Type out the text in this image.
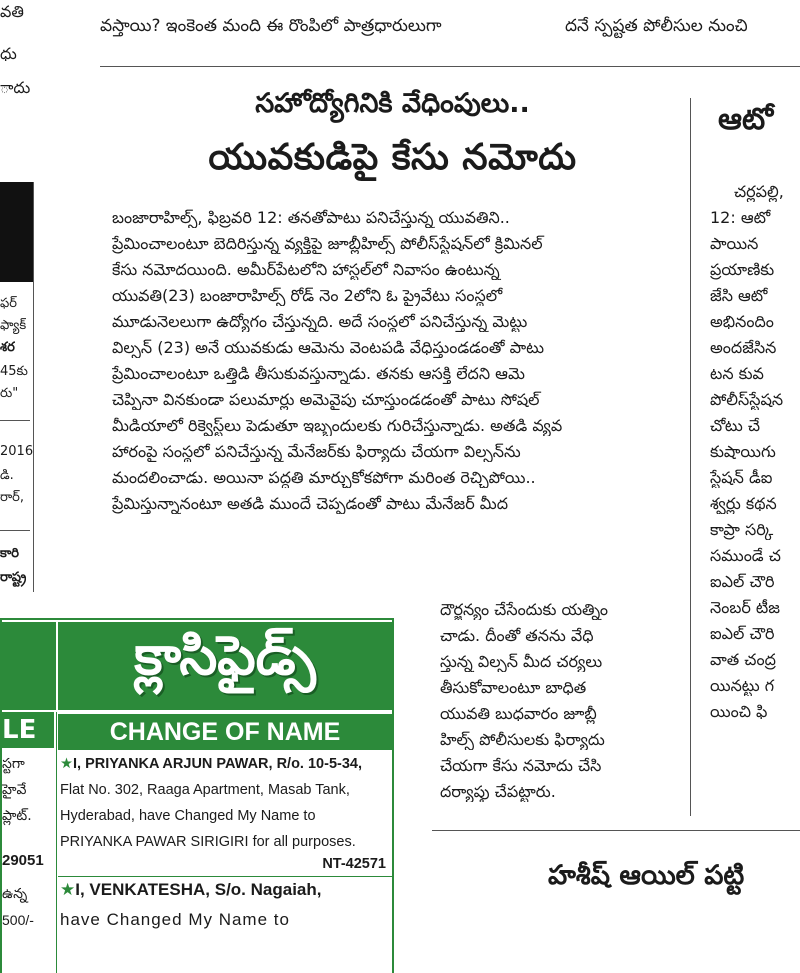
వస్తాయి? ఇంకెంత మంది ఈ రొంపిలో పాత్రధారులుగా	దనే స్పష్టత పోలీసుల నుంచి
వతి
ధు
ాదు
ఫర్
ఫ్యాక్
శర
45కు
రు"
2016
డి.
రార్,
కారి
రాష్ట్ర
సహోద్యోగినికి వేధింపులు..
యువకుడిపై కేసు నమోదు
బంజారాహిల్స్, ఫిబ్రవరి 12: తనతోపాటు పనిచేస్తున్న యువతిని..
ప్రేమించాలంటూ బెదిరిస్తున్న వ్యక్తిపై జూబ్లీహిల్స్ పోలీస్‌స్టేషన్‌లో క్రిమినల్
కేసు నమోదయింది. అమీర్‌పేటలోని హాస్టల్‌లో నివాసం ఉంటున్న
యువతి(23) బంజారాహిల్స్ రోడ్ నెం 2లోని ఓ ప్రైవేటు సంస్థలో
మూడునెలలుగా ఉద్యోగం చేస్తున్నది. అదే సంస్థలో పనిచేస్తున్న మెట్టు
విల్సన్ (23) అనే యువకుడు ఆమెను వెంటపడి వేధిస్తుండడంతో పాటు
ప్రేమించాలంటూ ఒత్తిడి తీసుకువస్తున్నాడు. తనకు ఆసక్తి లేదని ఆమె
చెప్పినా వినకుండా పలుమార్లు అమెవైపు చూస్తుండడంతో పాటు సోషల్
మీడియాలో రిక్వెస్ట్‌లు పెడుతూ ఇబ్బందులకు గురిచేస్తున్నాడు. అతడి వ్యవ
హారంపై సంస్థలో పనిచేస్తున్న మేనేజర్‌కు ఫిర్యాదు చేయగా విల్సన్‌ను
మందలించాడు. అయినా పద్ధతి మార్చుకోకపోగా మరింత రెచ్చిపోయి..
ప్రేమిస్తున్నానంటూ అతడి ముందే చెప్పడంతో పాటు మేనేజర్ మీద
దౌర్జన్యం చేసేందుకు యత్నిం
చాడు. దీంతో తనను వేధి
స్తున్న విల్సన్ మీద చర్యలు
తీసుకోవాలంటూ బాధిత
యువతి బుధవారం జూబ్లీ
హిల్స్ పోలీసులకు ఫిర్యాదు
చేయగా కేసు నమోదు చేసి
దర్యాప్తు చేపట్టారు.
ఆటో
చర్లపల్లి,
12: ఆటో
పాయిన
ప్రయాణికు
జేసి ఆటో
అభినందిం
అందజేసిన
టన కువ
పోలీస్‌స్టేషన
చోటు చే
కుషాయిగు
స్టేషన్ డీఐ
శ్వర్లు కథన
కాప్రా సర్కి
సముండే చ
ఐఎల్ చౌరి
నెంబర్ టీజ
ఐఎల్ చౌరి
వాత చంద్ర
యినట్టు గ
యించి ఫి
క్లాసిఫైడ్స్
LE	CHANGE OF NAME
★I, PRIYANKA ARJUN PAWAR, R/o. 10-5-34,
Flat No. 302, Raaga Apartment, Masab Tank,
Hyderabad, have Changed My Name to
PRIYANKA PAWAR SIRIGIRI for all purposes.
NT-42571
★I, VENKATESHA, S/o. Nagaiah,
have Changed My Name to
స్టగా
హైవే
ప్లాట్.
29051
ఉన్న
500/-
హశీష్ ఆయిల్ పట్టి
